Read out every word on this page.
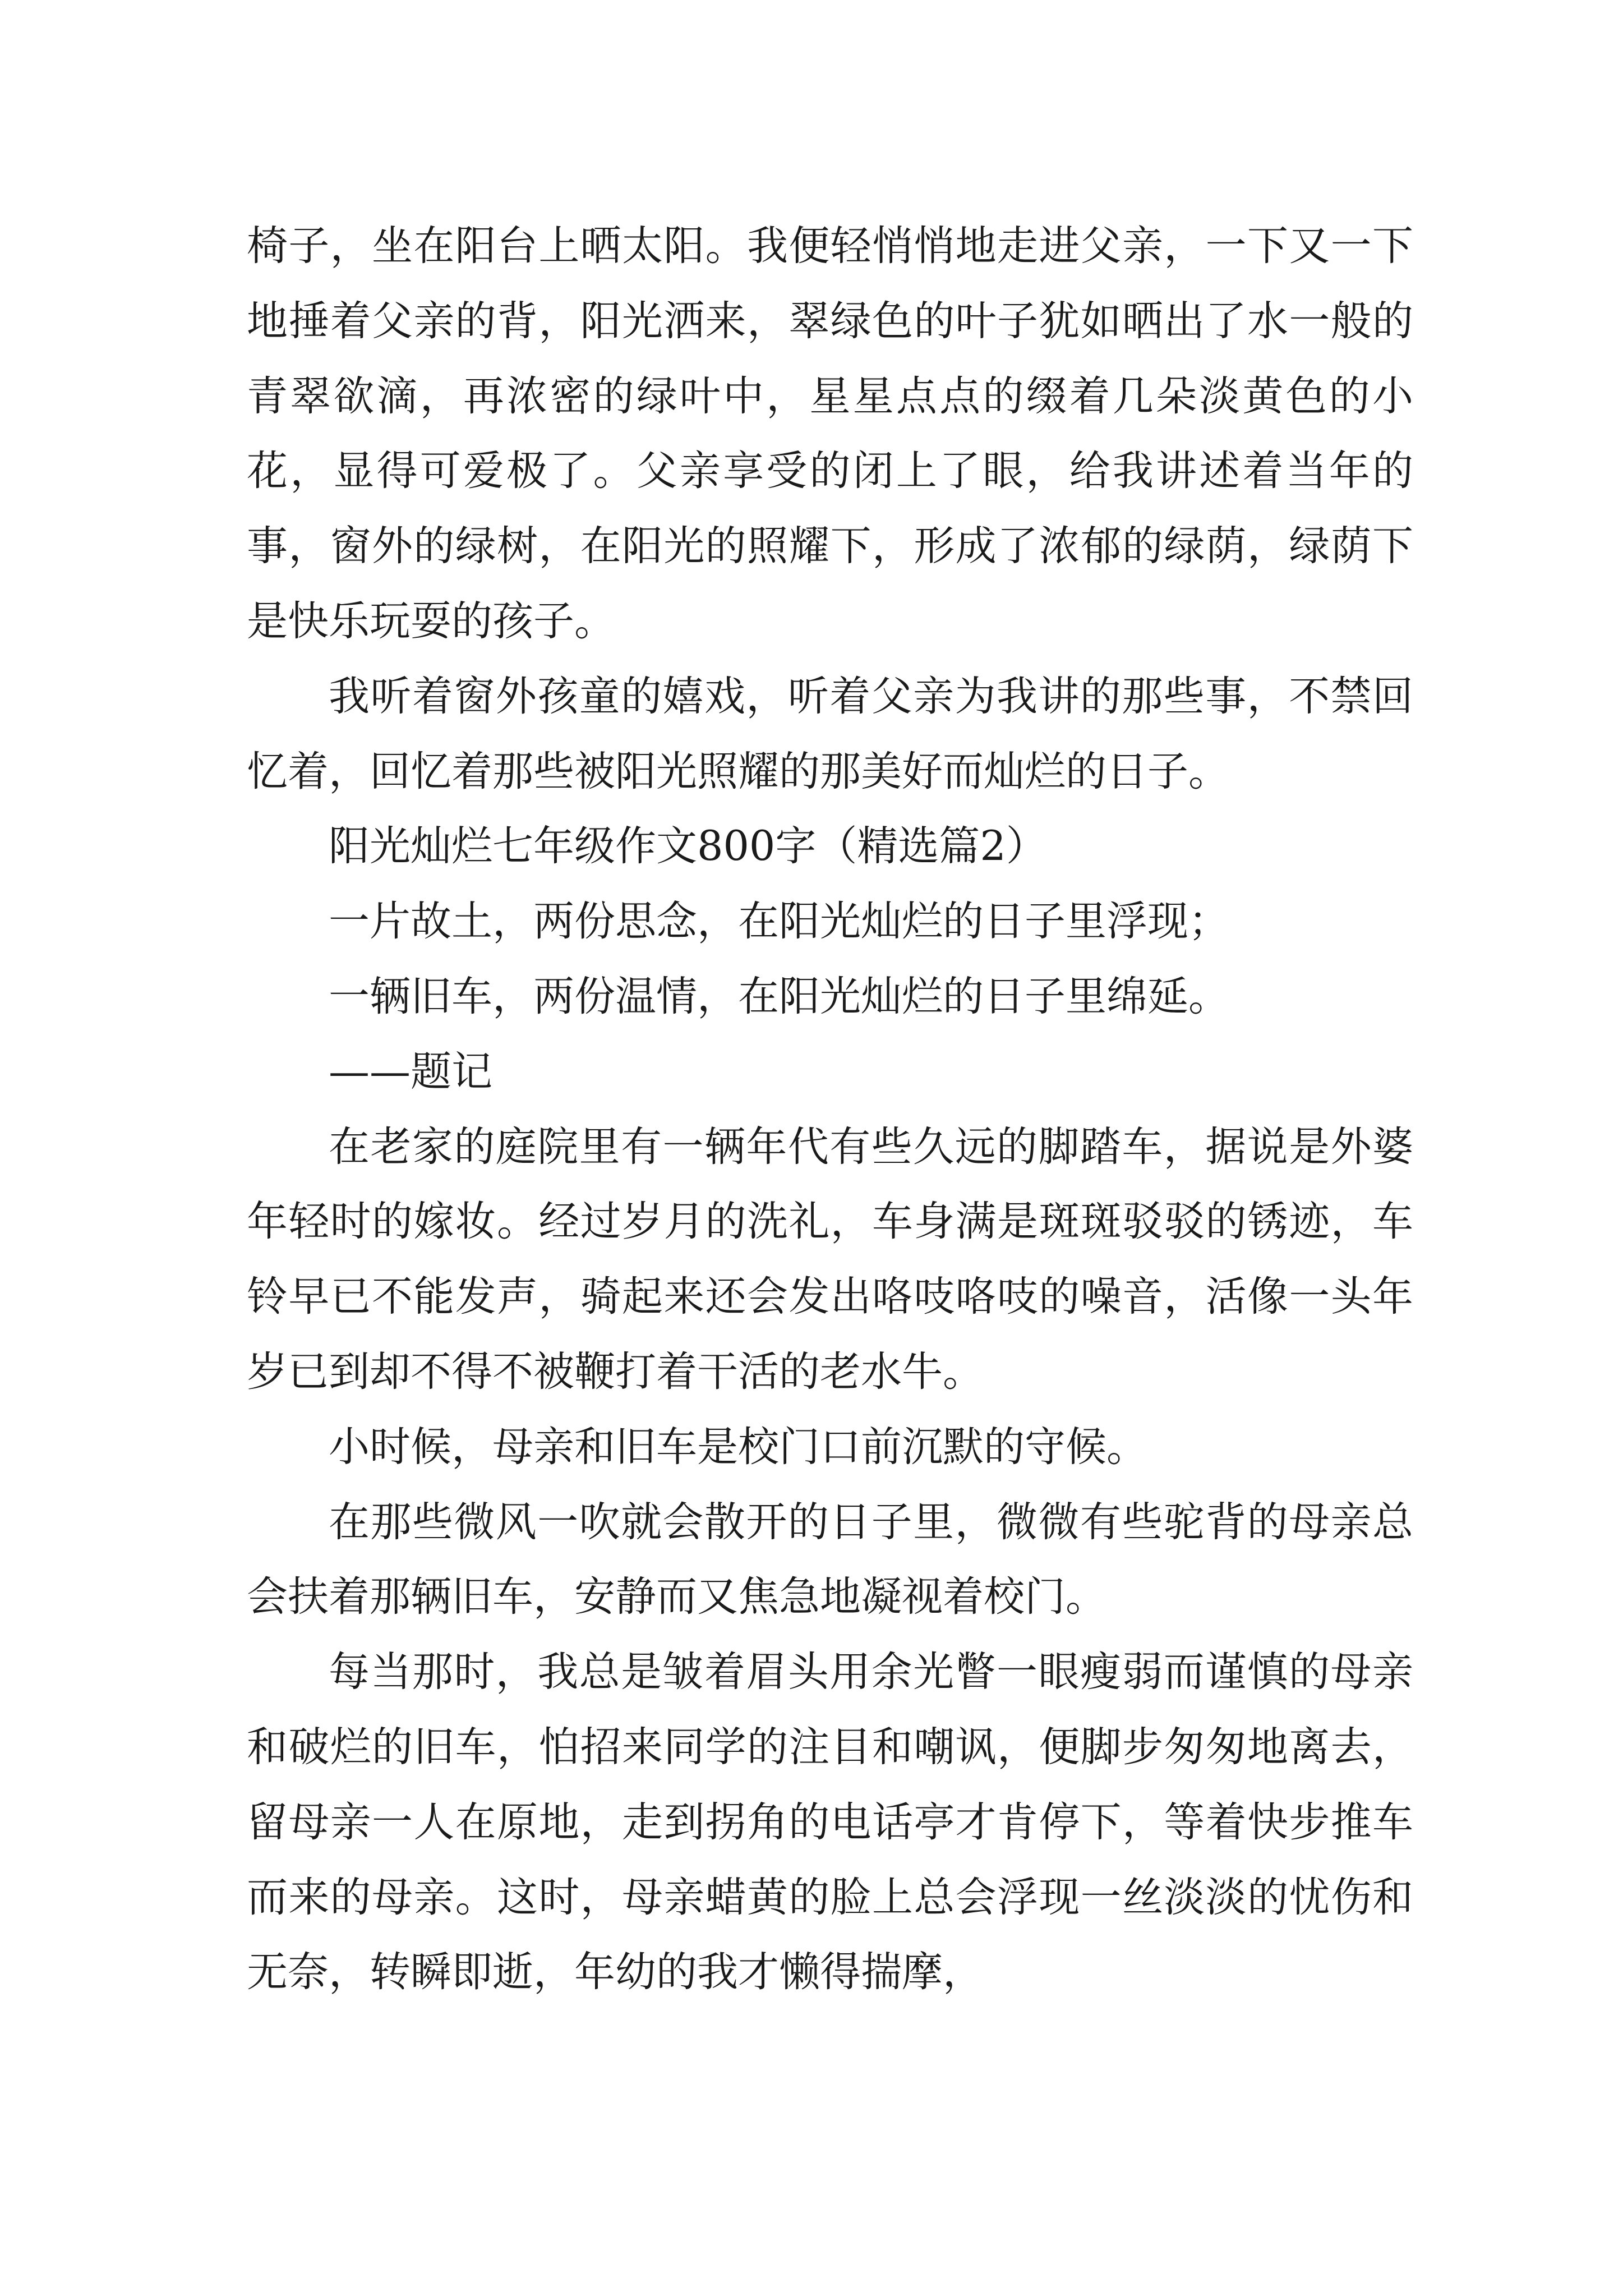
椅子，坐在阳台上晒太阳。我便轻悄悄地走进父亲，一下又一下地捶着父亲的背，阳光洒来，翠绿色的叶子犹如晒出了水一般的青翠欲滴，再浓密的绿叶中，星星点点的缀着几朵淡黄色的小花，显得可爱极了。父亲享受的闭上了眼，给我讲述着当年的事，窗外的绿树，在阳光的照耀下，形成了浓郁的绿荫，绿荫下是快乐玩耍的孩子。

我听着窗外孩童的嬉戏，听着父亲为我讲的那些事，不禁回忆着，回忆着那些被阳光照耀的那美好而灿烂的日子。

阳光灿烂七年级作文800字（精选篇2）

一片故土，两份思念，在阳光灿烂的日子里浮现；

一辆旧车，两份温情，在阳光灿烂的日子里绵延。

——题记

在老家的庭院里有一辆年代有些久远的脚踏车，据说是外婆年轻时的嫁妆。经过岁月的洗礼，车身满是斑斑驳驳的锈迹，车铃早已不能发声，骑起来还会发出咯吱咯吱的噪音，活像一头年岁已到却不得不被鞭打着干活的老水牛。

小时候，母亲和旧车是校门口前沉默的守候。

在那些微风一吹就会散开的日子里，微微有些驼背的母亲总会扶着那辆旧车，安静而又焦急地凝视着校门。

每当那时，我总是皱着眉头用余光瞥一眼瘦弱而谨慎的母亲和破烂的旧车，怕招来同学的注目和嘲讽，便脚步匆匆地离去，留母亲一人在原地，走到拐角的电话亭才肯停下，等着快步推车而来的母亲。这时，母亲蜡黄的脸上总会浮现一丝淡淡的忧伤和无奈，转瞬即逝，年幼的我才懒得揣摩，
